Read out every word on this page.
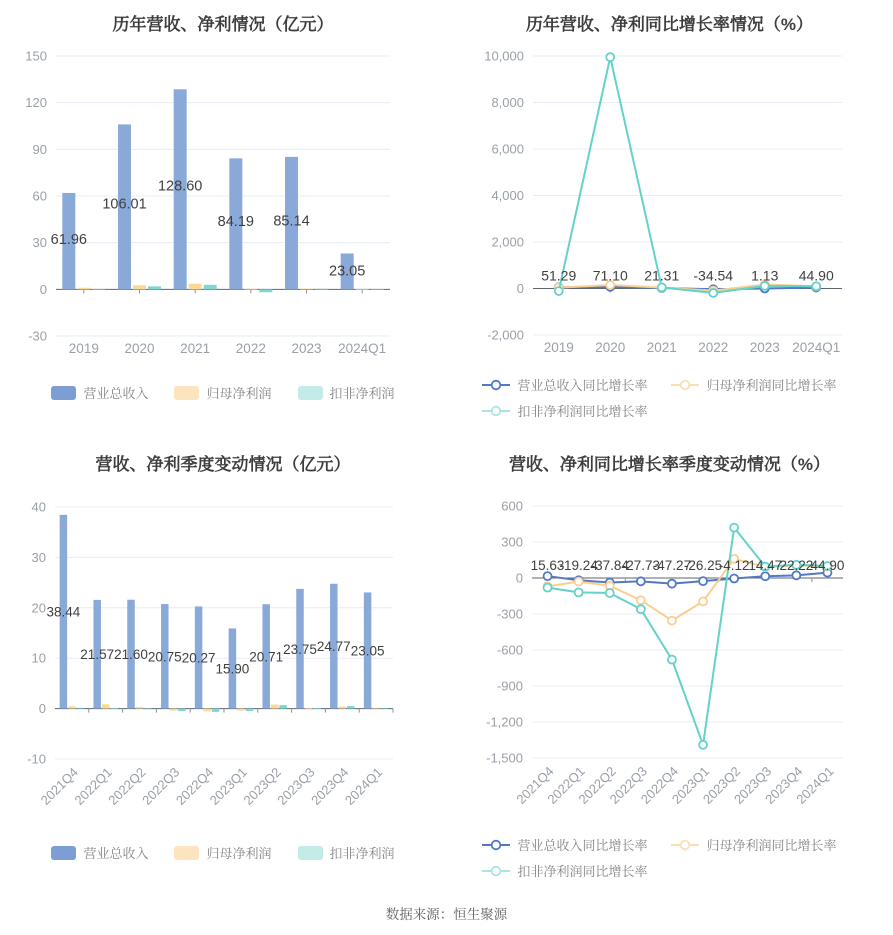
历年营收、净利情况（亿元）
150
120
90
60
30
0
-30
61.96
106.01
128.60
84.19 85.14
23.05
2019 2020 2021 2022 2023 2024Q1
营业总收入	归母净利润	扣非净利润
历年营收、净利同比增长率情况（%）
10,000
8,000
6,000
4,000
2,000
0
-2,000
51.29 71.10 21.31 -34.54 1.13 44.90
2019 2020 2021 2022 2023 2024Q1
营业总收入同比增长率	归母净利润同比增长率
扣非净利润同比增长率
营收、净利季度变动情况（亿元）
40
30
20
10
0
-10
38.44
21.57 21.60 20.75 20.27
15.90
20.71
23.75 24.77 23.05
2021Q4
2022Q1
2022Q2
2022Q3
2022Q4
2023Q1
2023Q2
2023Q3
2023Q4
2024Q1
营业总收入	归母净利润	扣非净利润
营收、净利同比增长率季度变动情况（%）
600
300
0
-300
-600
-900
-1,200
-1,500
15.63
-19.24
-37.84
-27.73
-47.27
-26.25
-4.12
14.47
22.22
44.90
2021Q4
2022Q1
2022Q2
2022Q3
2022Q4
2023Q1
2023Q2
2023Q3
2023Q4
2024Q1
营业总收入同比增长率	归母净利润同比增长率
扣非净利润同比增长率
数据来源：恒生聚源
